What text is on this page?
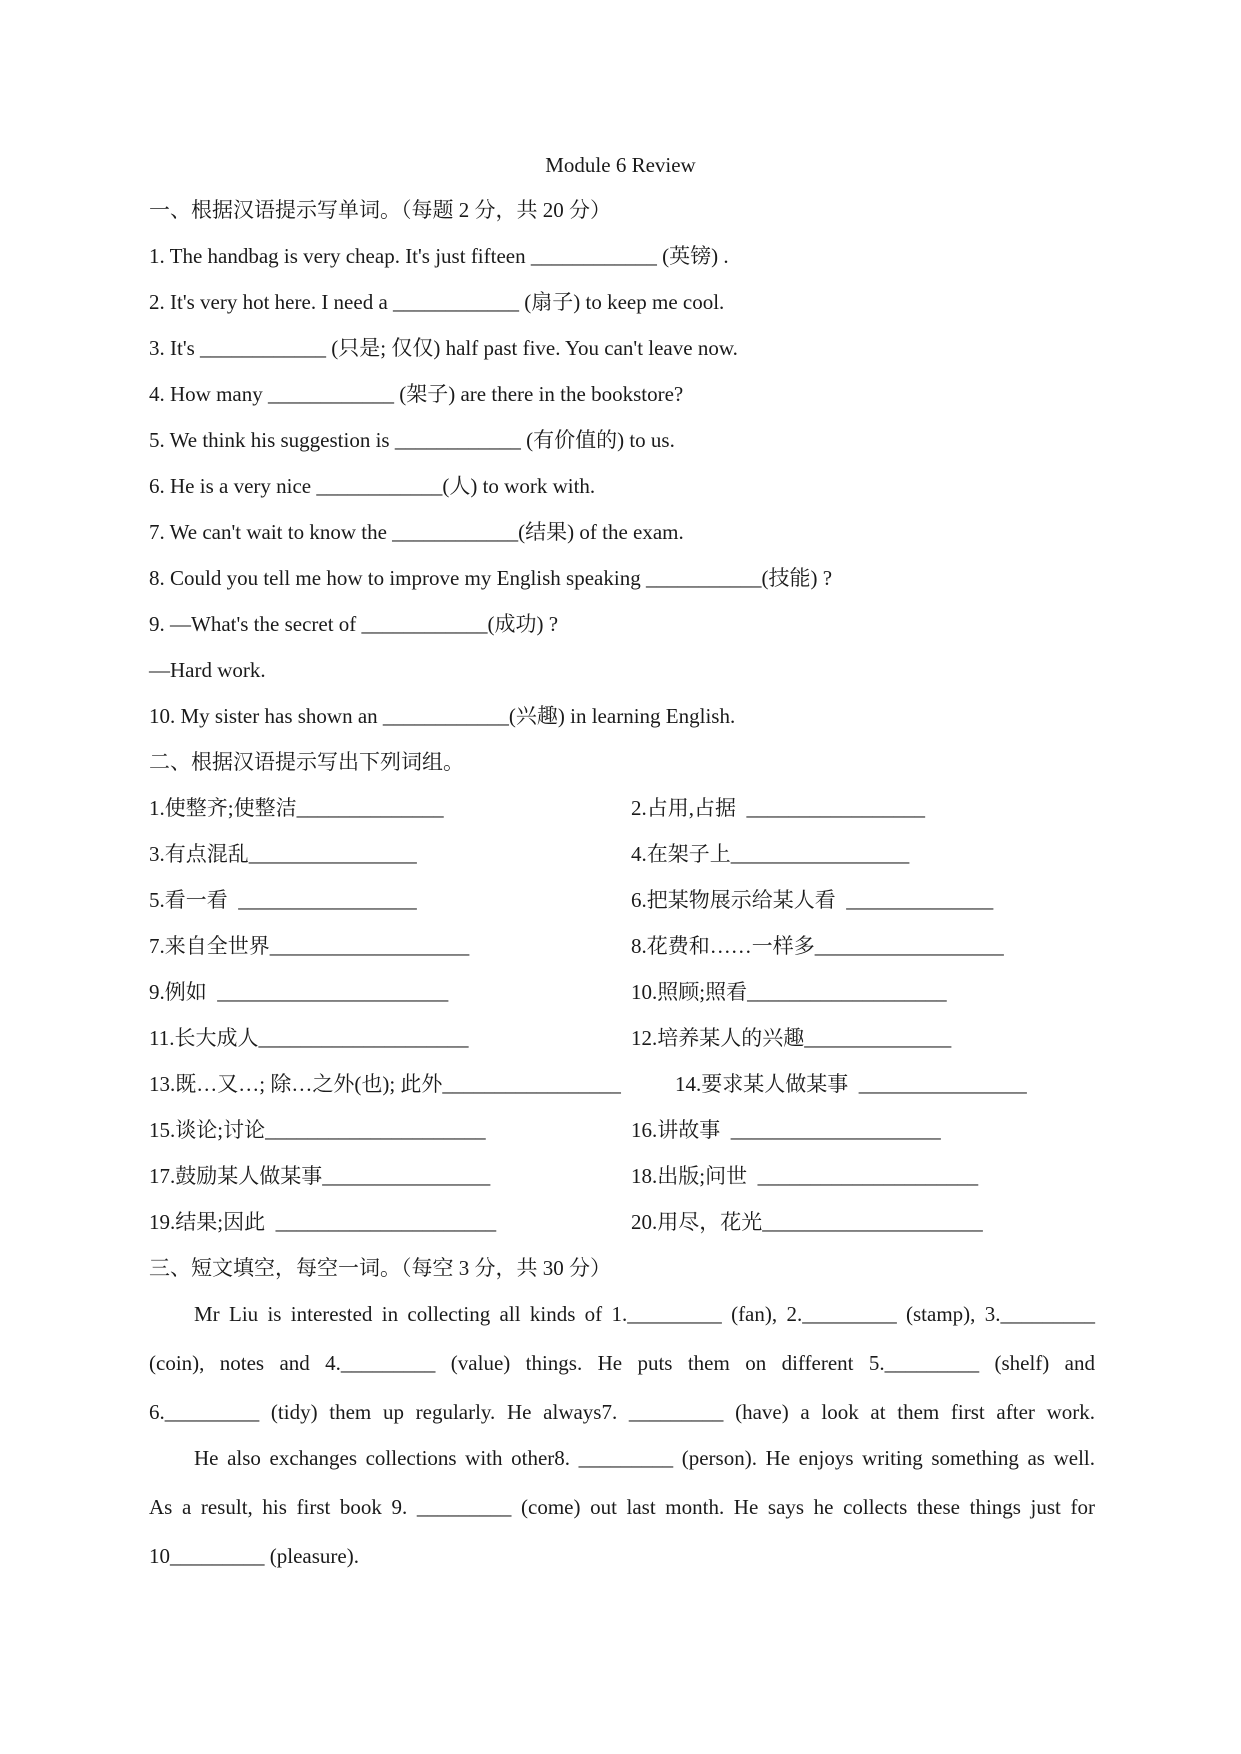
Module 6 Review
一、根据汉语提示写单词。（每题 2 分，共 20 分）
1. The handbag is very cheap. It's just fifteen ____________ (英镑) .
2. It's very hot here. I need a ____________ (扇子) to keep me cool.
3. It's ____________ (只是; 仅仅) half past five. You can't leave now.
4. How many ____________ (架子) are there in the bookstore?
5. We think his suggestion is ____________ (有价值的) to us.
6. He is a very nice ____________(人) to work with.
7. We can't wait to know the ____________(结果) of the exam.
8. Could you tell me how to improve my English speaking ___________(技能) ?
9. —What's the secret of ____________(成功) ?
—Hard work.
10. My sister has shown an ____________(兴趣) in learning English.
二、根据汉语提示写出下列词组。
1.使整齐;使整洁______________	2.占用,占据  _________________
3.有点混乱________________	4.在架子上_________________
5.看一看  _________________	6.把某物展示给某人看  ______________
7.来自全世界___________________	8.花费和……一样多__________________
9.例如  ______________________	10.照顾;照看___________________
11.长大成人____________________	12.培养某人的兴趣______________
13.既…又…; 除…之外(也); 此外_________________	14.要求某人做某事  ________________
15.谈论;讨论_____________________	16.讲故事  ____________________
17.鼓励某人做某事________________	18.出版;问世  _____________________
19.结果;因此  _____________________	20.用尽，花光_____________________
三、短文填空，每空一词。（每空 3 分，共 30 分）
Mr Liu is interested in collecting all kinds of 1._________ (fan), 2._________ (stamp), 3._________
(coin), notes and 4._________ (value) things. He puts them on different 5._________ (shelf) and
6._________ (tidy) them up regularly. He always7. _________ (have) a look at them first after work.
He also exchanges collections with other8. _________ (person). He enjoys writing something as well.
As a result, his first book 9. _________ (come) out last month. He says he collects these things just for
10_________ (pleasure).
